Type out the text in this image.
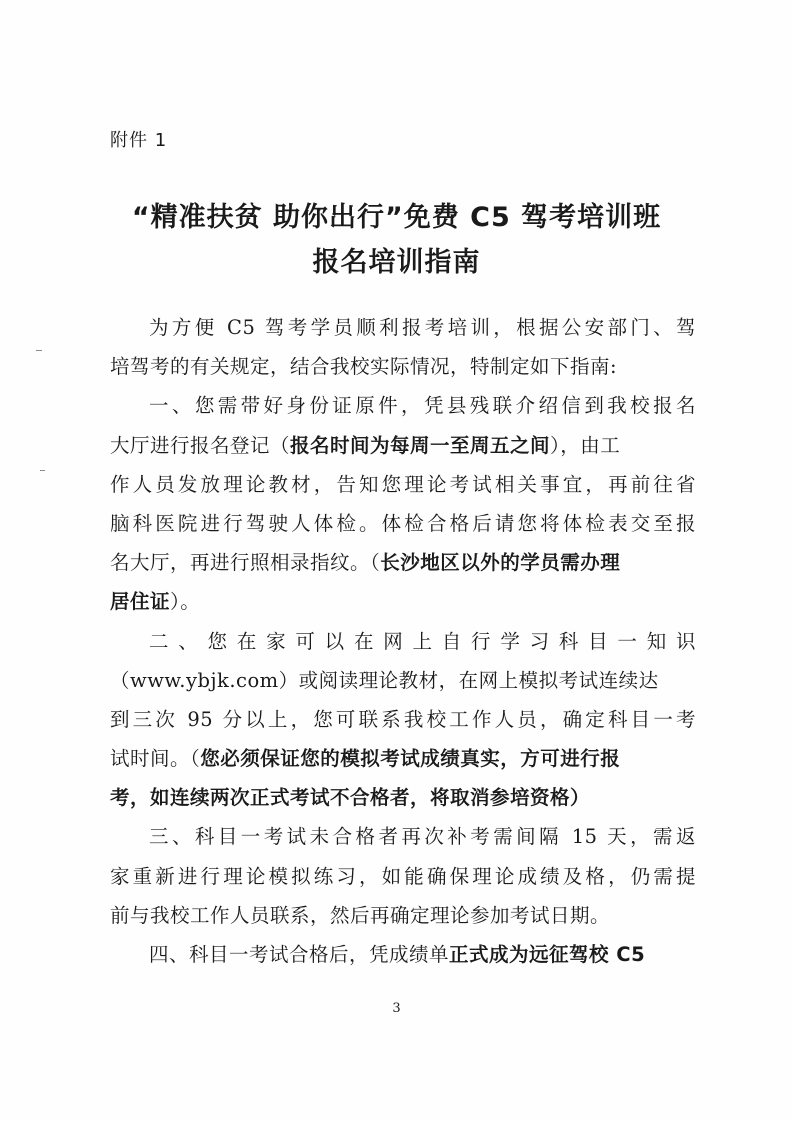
附件 1
“精准扶贫 助你出行”免费 C5 驾考培训班
报名培训指南
为方便 C5 驾考学员顺利报考培训，根据公安部门、驾
培驾考的有关规定，结合我校实际情况，特制定如下指南:
一、您需带好身份证原件，凭县残联介绍信到我校报名
大厅进行报名登记（报名时间为每周一至周五之间），由工
作人员发放理论教材，告知您理论考试相关事宜，再前往省
脑科医院进行驾驶人体检。体检合格后请您将体检表交至报
名大厅，再进行照相录指纹。（长沙地区以外的学员需办理
居住证）。
二、您在家可以在网上自行学习科目一知识
（www.ybjk.com）或阅读理论教材，在网上模拟考试连续达
到三次 95 分以上，您可联系我校工作人员，确定科目一考
试时间。（您必须保证您的模拟考试成绩真实，方可进行报
考，如连续两次正式考试不合格者，将取消参培资格）
三、科目一考试未合格者再次补考需间隔 15 天，需返
家重新进行理论模拟练习，如能确保理论成绩及格，仍需提
前与我校工作人员联系，然后再确定理论参加考试日期。
四、科目一考试合格后，凭成绩单正式成为远征驾校 C5
3
